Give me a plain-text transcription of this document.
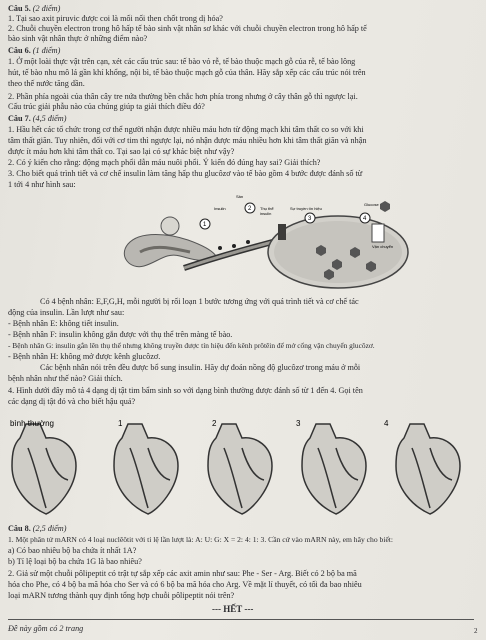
Câu 5. (2 điểm)
1. Tại sao axit piruvic được coi là mối nối then chốt trong dị hóa?
2. Chuỗi chuyền electron trong hô hấp tế bào sinh vật nhân sơ khác với chuỗi chuyền electron trong hô hấp tế
bào sinh vật nhân thực ở những điểm nào?
Câu 6. (1 điểm)
1. Ở một loài thực vật trên cạn, xét các cấu trúc sau: tế bào vỏ rễ, tế bào thuộc mạch gỗ của rễ, tế bào lông
hút, tế bào nhu mô lá gần khí khổng, nội bì, tế bào thuộc mạch gỗ của thân. Hãy sắp xếp các cấu trúc nói trên
theo thế nước tăng dần.
2. Phần phía ngoài của thân cây tre nứa thường bền chắc hơn phía trong nhưng ở cây thân gỗ thì ngược lại.
Cấu trúc giải phẫu nào của chúng giúp ta giải thích điều đó?
Câu 7. (4,5 điểm)
1. Hầu hết các tổ chức trong cơ thể người nhận được nhiều máu hơn từ động mạch khi tâm thất co so với khi
tâm thất giãn. Tuy nhiên, đối với cơ tim thì ngược lại, nó nhận được máu nhiều hơn khi tâm thất giãn và nhận
được ít máu hơn khi tâm thất co. Tại sao lại có sự khác biệt như vậy?
2. Có ý kiến cho rằng: động mạch phổi dẫn máu nuôi phổi. Ý kiến đó đúng hay sai? Giải thích?
3. Cho biết quá trình tiết và cơ chế insulin làm tăng hấp thu glucôzơ vào tế bào gồm 4 bước được đánh số từ
1 tới 4 như hình sau:
Sản
Insulin	Thụ thể
insulin
Sự truyền tín hiệu
Glucose
Vận chuyển
1
2
3	4
Có 4 bệnh nhân: E,F,G,H, mỗi người bị rối loạn 1 bước tương ứng với quá trình tiết và cơ chế tác
động của insulin. Lần lượt như sau:
- Bệnh nhân E: không tiết insulin.
- Bệnh nhân F: insulin không gắn được với thụ thể trên màng tế bào.
- Bệnh nhân G: insulin gắn lên thụ thể nhưng không truyền được tín hiệu đến kênh prôtêin để mở cổng vận chuyển glucôzơ.
- Bệnh nhân H: không mở được kênh glucôzơ.
Các bệnh nhân nói trên đều được bổ sung insulin. Hãy dự đoán nồng độ glucôzơ trong máu ở mỗi
bệnh nhân như thế nào? Giải thích.
4. Hình dưới đây mô tả 4 dạng dị tật tim bẩm sinh so với dạng bình thường được đánh số từ 1 đến 4. Gọi tên
các dạng dị tật đó và cho biết hậu quả?
bình thường	1	2	3	4
Câu 8. (2,5 điểm)
1. Một phân tử mARN có 4 loại nuclêôtit với tỉ lệ lần lượt là: A: U: G: X = 2: 4: 1: 3. Cần cứ vào mARN này, em hãy cho biết:
a) Có bao nhiêu bộ ba chứa ít nhất 1A?
b) Tỉ lệ loại bộ ba chứa 1G là bao nhiêu?
2. Giả sử một chuỗi pôlipeptit có trật tự sắp xếp các axit amin như sau: Phe - Ser - Arg. Biết có 2 bộ ba mã
hóa cho Phe, có 4 bộ ba mã hóa cho Ser và có 6 bộ ba mã hóa cho Arg. Về mặt lí thuyết, có tối đa bao nhiêu
loại mARN tương thành quy định tổng hợp chuỗi pôlipeptit nói trên?
--- HẾT ---
Đề này gồm có 2 trang	2
